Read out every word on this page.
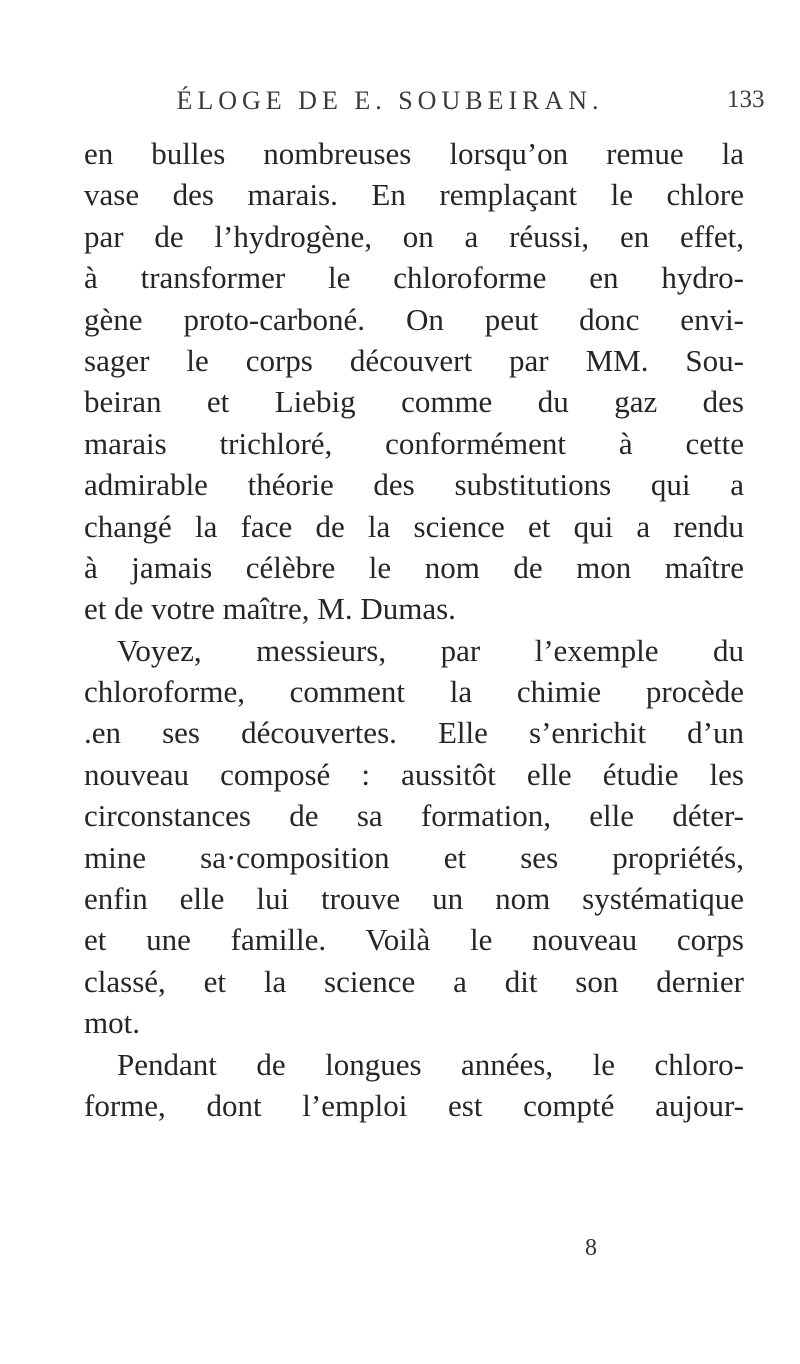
ÉLOGE DE E. SOUBEIRAN.	133
en bulles nombreuses lorsqu’on remue la
vase des marais. En remplaçant le chlore
par de l’hydrogène, on a réussi, en effet,
à transformer le chloroforme en hydro-
gène proto-carboné. On peut donc envi-
sager le corps découvert par MM. Sou-
beiran et Liebig comme du gaz des
marais trichloré, conformément à cette
admirable théorie des substitutions qui a
changé la face de la science et qui a rendu
à jamais célèbre le nom de mon maître
et de votre maître, M. Dumas.
Voyez, messieurs, par l’exemple du
chloroforme, comment la chimie procède
.en ses découvertes. Elle s’enrichit d’un
nouveau composé : aussitôt elle étudie les
circonstances de sa formation, elle déter-
mine sa·composition et ses propriétés,
enfin elle lui trouve un nom systématique
et une famille. Voilà le nouveau corps
classé, et la science a dit son dernier
mot.
Pendant de longues années, le chloro-
forme, dont l’emploi est compté aujour-
8
